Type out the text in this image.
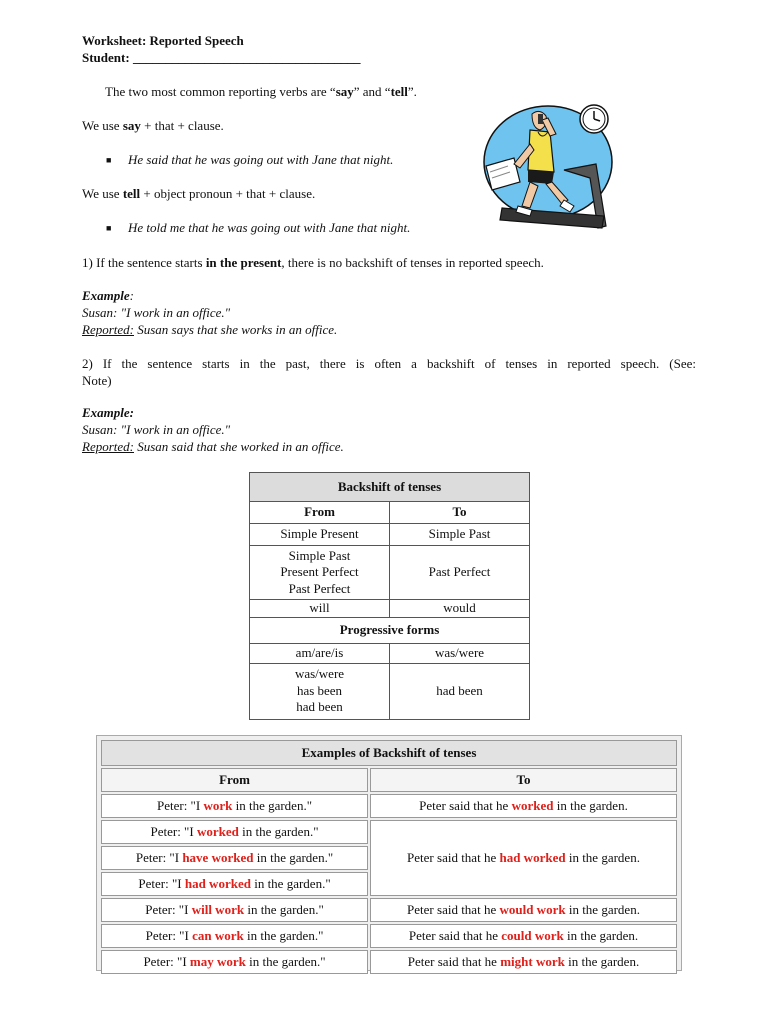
Worksheet: Reported Speech
Student: ___________________________________
The two most common reporting verbs are “say” and “tell”.
We use say + that + clause.
■ He said that he was going out with Jane that night.
We use tell + object pronoun + that + clause.
■ He told me that he was going out with Jane that night.
1) If the sentence starts in the present, there is no backshift of tenses in reported speech.
Example:
Susan: "I work in an office."
Reported: Susan says that she works in an office.
2) If the sentence starts in the past, there is often a backshift of tenses in reported speech. (See:
Note)
Example:
Susan: "I work in an office."
Reported: Susan said that she worked in an office.
Backshift of tenses	
From	To
Simple Present	Simple Past

Simple Past
Present Perfect
Past Perfect	Past Perfect
will	would
Progressive forms	
am/are/is	was/were

was/were
has been
had been	had been
Examples of Backshift of tenses	
From	To
Peter: "I work in the garden."	Peter said that he worked in the garden.
Peter: "I worked in the garden."	Peter said that he had worked in the garden.
Peter: "I have worked in the garden."	
Peter: "I had worked in the garden."	
Peter: "I will work in the garden."	Peter said that he would work in the garden.
Peter: "I can work in the garden."	Peter said that he could work in the garden.
Peter: "I may work in the garden."	Peter said that he might work in the garden.
